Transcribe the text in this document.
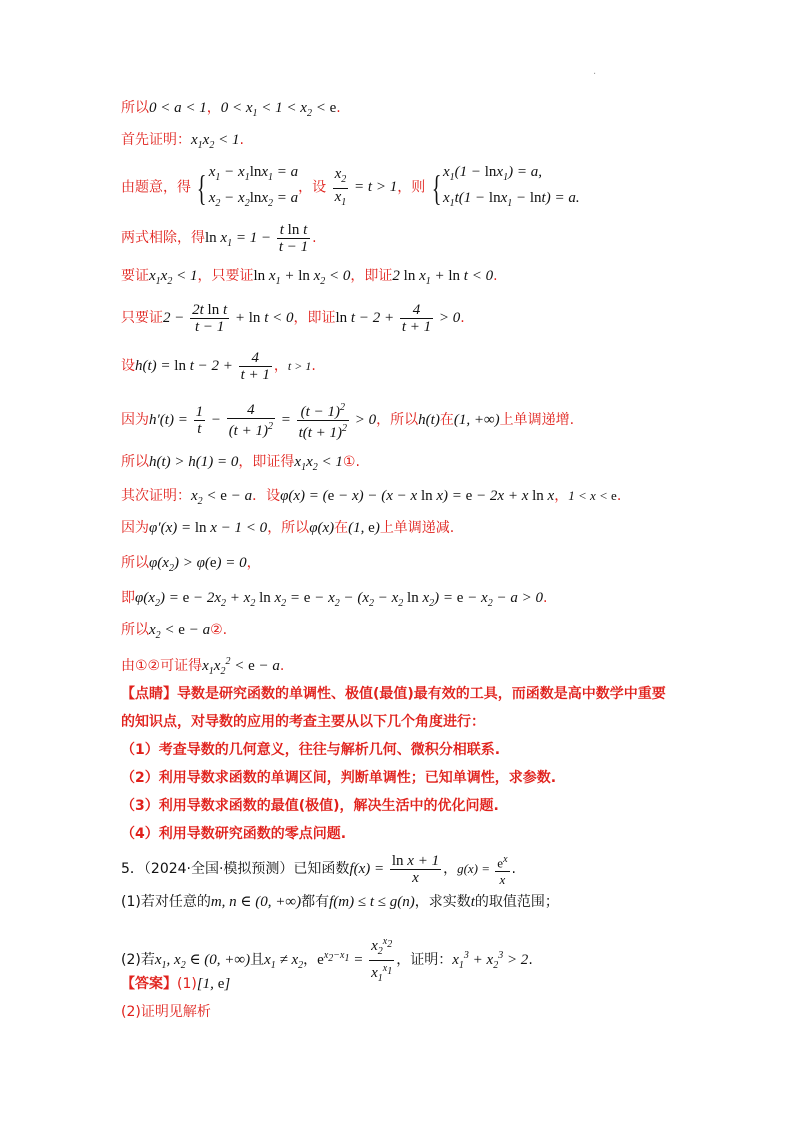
.
所以0 < a < 1，$0 < x_1 < 1 < x_2 < e$.
首先证明：$x_1x_2 < 1$.
由题意，得 { $x_1 - x_1\ln x_1 = a$
$x_2 - x_2\ln x_2 = a$
，设 $\frac{x_2}{x_1} = t > 1$，则 { $x_1(1 - \ln x_1) = a$,
$x_1t(1 - \ln x_1 - \ln t) = a$.
两式相除，得$\ln x_1 = 1 - \frac{\text{t ln t}}{t - 1}$ .
要证$x_1x_2 < 1$，只要证$\ln x_1 + \ln x_2 < 0$，即证2 $\ln x_1 + \ln t < 0$.
只要证$2 - \frac{\text{2t ln t}}{t - 1} + \ln t < 0$，即证$\ln t - 2 + \frac{4}{t + 1} > 0$.
设$h(t) = \ln t - 2 + \frac{4}{t + 1}$ ，t > 1.
因为$h'(t) = \frac{1}{t} - \frac{4}{(t + 1)^2} = \frac{(t - 1)^2}{t(t + 1)^2} > 0$，所以h(t)在(1, +∞)上单调递增.
所以h(t) > h(1) = 0，即证得$x_1x_2$ < 1①.
其次证明：$x_2 < e - a$．设φ(x) = (e − x) − (x − x ln x) = e − 2x + x ln x，1 < x < e.
因为φ′(x) = ln x − 1 < 0，所以φ(x)在(1, e)上单调递减.
所以$\varphi(x_2) > \varphi(e) = 0$，
即$\varphi(x_2) = e - 2x_2 + x_2$ $\ln x_2 = e - x_2 - (x_2 - x_2$ $\ln x_2) = e - x_2 - a > 0$.
所以$x_2 < e$ − a②.
由①②可证得$x_1x_2^2 < e - a$.
【点睛】导数是研究函数的单调性、极值(最值)最有效的工具，而函数是高中数学中重要
的知识点，对导数的应用的考查主要从以下几个角度进行：
（1）考查导数的几何意义，往往与解析几何、微积分相联系.
（2）利用导数求函数的单调区间，判断单调性；已知单调性，求参数.
（3）利用导数求函数的最值(极值)，解决生活中的优化问题.
（4）利用导数研究函数的零点问题.
5．（2024·全国·模拟预测）已知函数$f(x) = \frac{\text{ln x + 1}}{x}$ ，$g(x) = \frac{e^x}{x}$ .
(1)若对任意的m, n ∈ (0, +∞)都有f(m) ≤ t ≤ g(n)，求实数t的取值范围；
(2)若$x_1$, $x_2$ ∈ (0, +∞)且$x_1 \ne x_2$，$e^{x_2-x_1} = \frac{x_2^{x_2}}{x_1^{x_1}}$ ，证明：$x_1^3 + x_2^3 > 2$.
【答案】(1)[1, e]
(2)证明见解析
